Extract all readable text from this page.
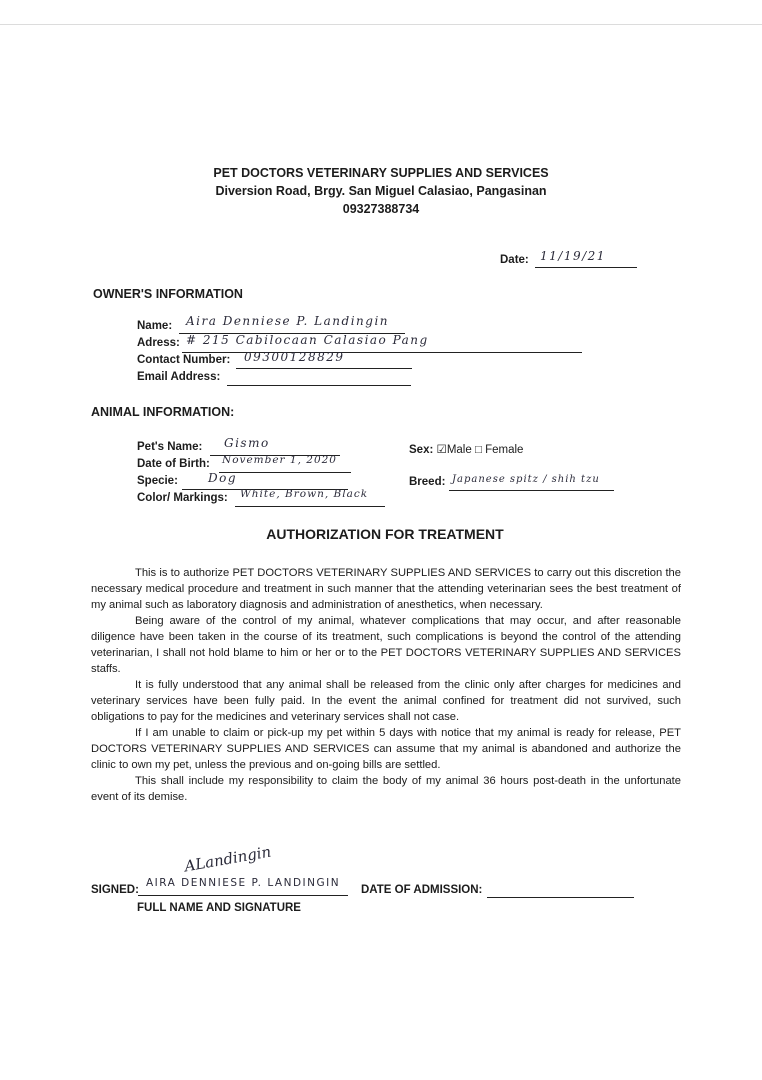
PET DOCTORS VETERINARY SUPPLIES AND SERVICES
Diversion Road, Brgy. San Miguel Calasiao, Pangasinan
09327388734
Date: 11/19/21
OWNER'S INFORMATION
Name: Aira Denniese P. Landingin
Adress: # 215 Cabilocaan Calasiao Pang
Contact Number: 09300128829
Email Address:
ANIMAL INFORMATION:
Pet's Name: Gismo
Date of Birth: November 1, 2020
Specie:	Dog
Color/ Markings: White, Brown, Black
Sex: ☑Male □ Female
Breed: Japanese spitz / shih tzu
AUTHORIZATION FOR TREATMENT

This is to authorize PET DOCTORS VETERINARY SUPPLIES AND SERVICES to carry out this discretion the necessary medical procedure and treatment in such manner that the attending veterinarian sees the best treatment of my animal such as laboratory diagnosis and administration of anesthetics, when necessary.

Being aware of the control of my animal, whatever complications that may occur, and after reasonable diligence have been taken in the course of its treatment, such complications is beyond the control of the attending veterinarian, I shall not hold blame to him or her or to the PET DOCTORS VETERINARY SUPPLIES AND SERVICES staffs.

It is fully understood that any animal shall be released from the clinic only after charges for medicines and veterinary services have been fully paid. In the event the animal confined for treatment did not survived, such obligations to pay for the medicines and veterinary services shall not case.

If I am unable to claim or pick-up my pet within 5 days with notice that my animal is ready for release, PET DOCTORS VETERINARY SUPPLIES AND SERVICES can assume that my animal is abandoned and authorize the clinic to own my pet, unless the previous and on-going bills are settled.

This shall include my responsibility to claim the body of my animal 36 hours post-death in the unfortunate event of its demise.

ALandingin
SIGNED:
AIRA DENNIESE P. LANDINGIN
FULL NAME AND SIGNATURE
DATE OF ADMISSION:
